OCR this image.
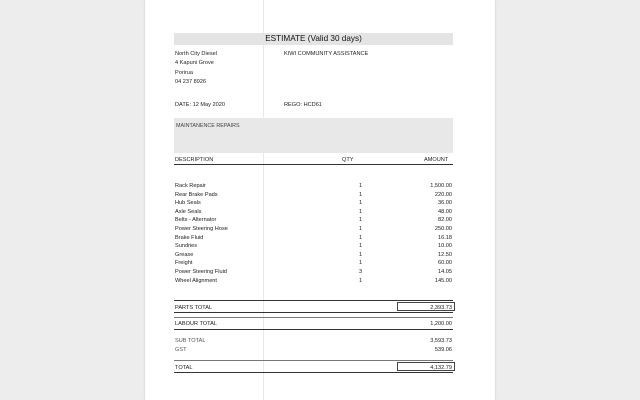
ESTIMATE (Valid 30 days)
North City Diesel
4 Kapuni Grove
Porirua
04 237 8926
KIWI COMMUNITY ASSISTANCE
DATE: 12 May 2020	REGO: HCD61
MAINTANENCE REPAIRS
DESCRIPTION	QTY	AMOUNT
Rack Repair	1	1,500.00
Rear Brake Pads	1	220.00
Hub Seals	1	36.00
Axle Seals	1	48.00
Belts - Alternator	1	82.00
Power Steering Hose	1	250.00
Brake Fluid	1	16.18
Sundries	1	10.00
Grease	1	12.50
Freight	1	60.00
Power Steering Fluid	3	14.05
Wheel Alignment	1	145.00
PARTS TOTAL	2,393.73
LABOUR TOTAL	1,200.00
SUB TOTAL	3,593.73
GST	539.06
TOTAL	4,132.79
